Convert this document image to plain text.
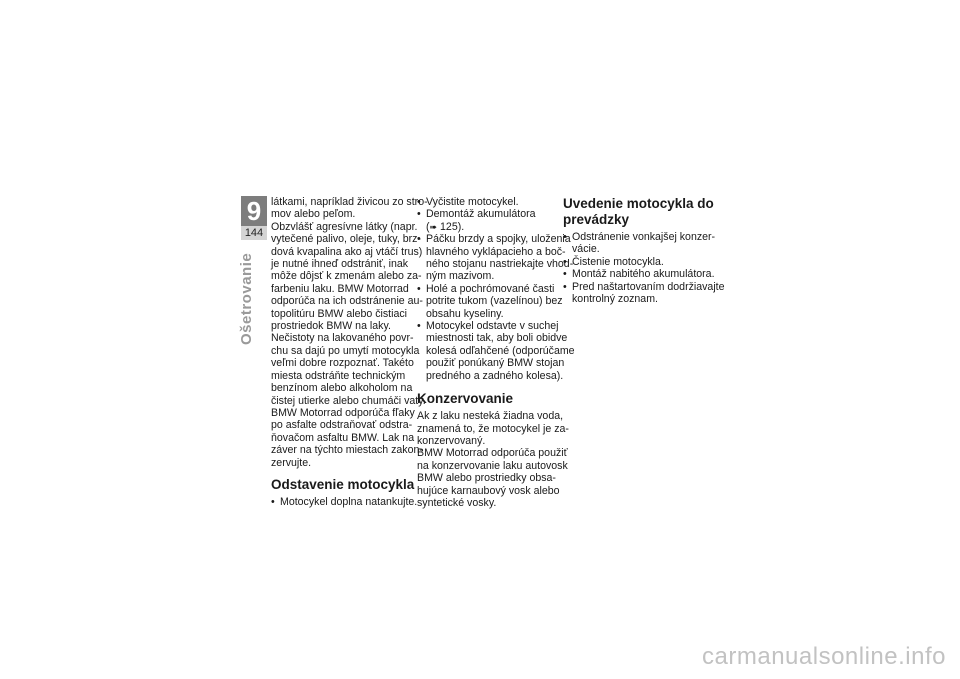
9
144
Ošetrovanie

látkami, napríklad živicou zo stro-

mov alebo peľom.

Obzvlášť agresívne látky (napr.

vytečené palivo, oleje, tuky, brz-

dová kvapalina ako aj vtáčí trus)

je nutné ihneď odstrániť, inak

môže dôjsť k zmenám alebo za-

farbeniu laku. BMW Motorrad

odporúča na ich odstránenie au-

topolitúru BMW alebo čistiaci

prostriedok BMW na laky.

Nečistoty na lakovaného povr-

chu sa dajú po umytí motocykla

veľmi dobre rozpoznať. Takéto

miesta odstráňte technickým

benzínom alebo alkoholom na

čistej utierke alebo chumáči vaty.

BMW Motorrad odporúča fľaky

po asfalte odstraňovať odstra-

ňovačom asfaltu BMW. Lak na

záver na týchto miestach zakon-

zervujte.

Odstavenie motocykla

• Motocykel doplna natankujte.

• Vyčistite motocykel.

• Demontáž akumulátora

(➠ 125).

• Páčku brzdy a spojky, uloženia

hlavného vyklápacieho a boč-

ného stojanu nastriekajte vhod-

ným mazivom.

• Holé a pochrómované časti

potrite tukom (vazelínou) bez

obsahu kyseliny.

• Motocykel odstavte v suchej

miestnosti tak, aby boli obidve

kolesá odľahčené (odporúčame

použiť ponúkaný BMW stojan

predného a zadného kolesa).

Konzervovanie

Ak z laku nesteká žiadna voda,

znamená to, že motocykel je za-

konzervovaný.

BMW Motorrad odporúča použiť

na konzervovanie laku autovosk

BMW alebo prostriedky obsa-

hujúce karnaubový vosk alebo

syntetické vosky.

Uvedenie motocykla do
prevádzky

• Odstránenie vonkajšej konzer-

vácie.

• Čistenie motocykla.

• Montáž nabitého akumulátora.

• Pred naštartovaním dodržiavajte

kontrolný zoznam.

carmanualsonline.info
